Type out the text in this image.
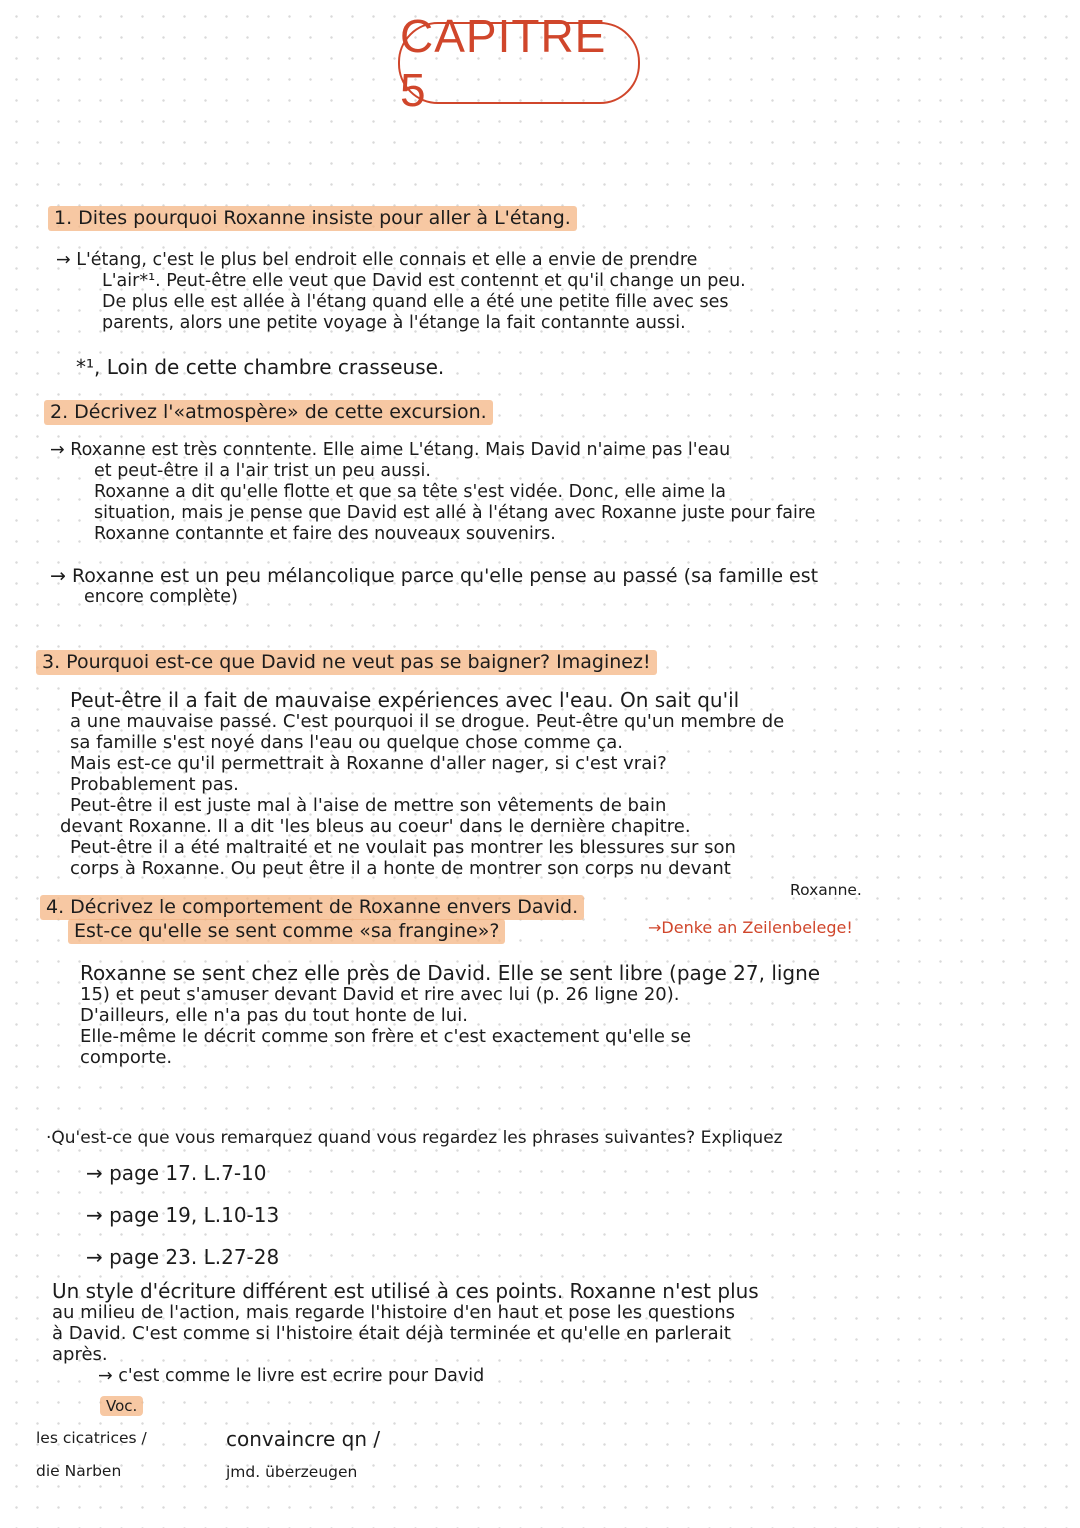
CAPITRE 5
1. Dites pourquoi Roxanne insiste pour aller à L'étang.
→ L'étang, c'est le plus bel endroit elle connais et elle a envie de prendre
L'air*¹. Peut-être elle veut que David est contennt et qu'il change un peu.
De plus elle est allée à l'étang quand elle a été une petite fille avec ses
parents, alors une petite voyage à l'étange la fait contannte aussi.
*¹, Loin de cette chambre crasseuse.
2. Décrivez l'«atmospère» de cette excursion.
→ Roxanne est très conntente. Elle aime L'étang. Mais David n'aime pas l'eau
et peut-être il a l'air trist un peu aussi.
Roxanne a dit qu'elle flotte et que sa tête s'est vidée. Donc, elle aime la
situation, mais je pense que David est allé à l'étang avec Roxanne juste pour faire
Roxanne contannte et faire des nouveaux souvenirs.
→ Roxanne est un peu mélancolique parce qu'elle pense au passé (sa famille est
encore complète)
3. Pourquoi est-ce que David ne veut pas se baigner? Imaginez!
Peut-être il a fait de mauvaise expériences avec l'eau. On sait qu'il
a une mauvaise passé. C'est pourquoi il se drogue. Peut-être qu'un membre de
sa famille s'est noyé dans l'eau ou quelque chose comme ça.
Mais est-ce qu'il permettrait à Roxanne d'aller nager, si c'est vrai?
Probablement pas.
Peut-être il est juste mal à l'aise de mettre son vêtements de bain
devant Roxanne. Il a dit 'les bleus au coeur' dans le dernière chapitre.
Peut-être il a été maltraité et ne voulait pas montrer les blessures sur son
corps à Roxanne. Ou peut être il a honte de montrer son corps nu devant
Roxanne.
4. Décrivez le comportement de Roxanne envers David.
Est-ce qu'elle se sent comme «sa frangine»?	→Denke an Zeilenbelege!
Roxanne se sent chez elle près de David. Elle se sent libre (page 27, ligne
15) et peut s'amuser devant David et rire avec lui (p. 26 ligne 20).
D'ailleurs, elle n'a pas du tout honte de lui.
Elle-même le décrit comme son frère et c'est exactement qu'elle se
comporte.
·Qu'est-ce que vous remarquez quand vous regardez les phrases suivantes? Expliquez
→ page 17. L.7-10
→ page 19, L.10-13
→ page 23. L.27-28
Un style d'écriture différent est utilisé à ces points. Roxanne n'est plus
au milieu de l'action, mais regarde l'histoire d'en haut et pose les questions
à David. C'est comme si l'histoire était déjà terminée et qu'elle en parlerait
après.
→ c'est comme le livre est ecrire pour David
Voc.
les cicatrices /
die Narben
convaincre qn /
jmd. überzeugen
